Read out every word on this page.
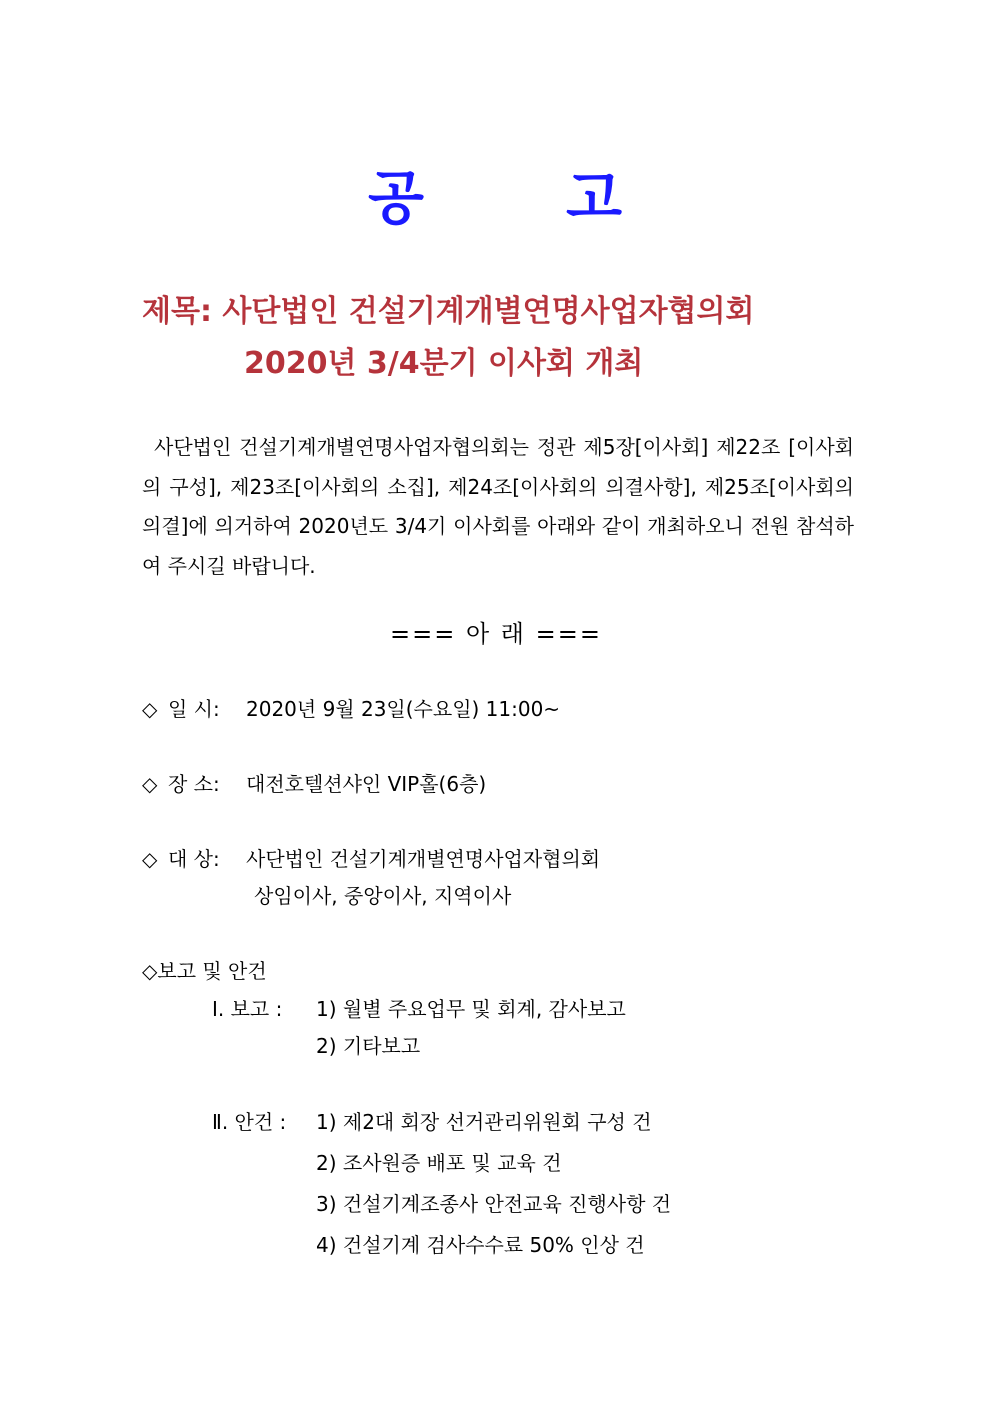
공 고
제목: 사단법인 건설기계개별연명사업자협의회
2020년 3/4분기 이사회 개최
사단법인 건설기계개별연명사업자협의회는 정관 제5장[이사회] 제22조 [이사회의 구성], 제23조[이사회의 소집], 제24조[이사회의 의결사항], 제25조[이사회의 의결]에 의거하여 2020년도 3/4기 이사회를 아래와 같이 개최하오니 전원 참석하여 주시길 바랍니다.
=== 아 래 ===
◇ 일 시: 2020년 9월 23일(수요일) 11:00~
◇ 장 소: 대전호텔션샤인 VIP홀(6층)
◇ 대 상: 사단법인 건설기계개별연명사업자협의회
상임이사, 중앙이사, 지역이사
◇보고 및 안건
Ⅰ. 보고 : 1) 월별 주요업무 및 회계, 감사보고
2) 기타보고
Ⅱ. 안건 : 1) 제2대 회장 선거관리위원회 구성 건
2) 조사원증 배포 및 교육 건
3) 건설기계조종사 안전교육 진행사항 건
4) 건설기계 검사수수료 50% 인상 건
